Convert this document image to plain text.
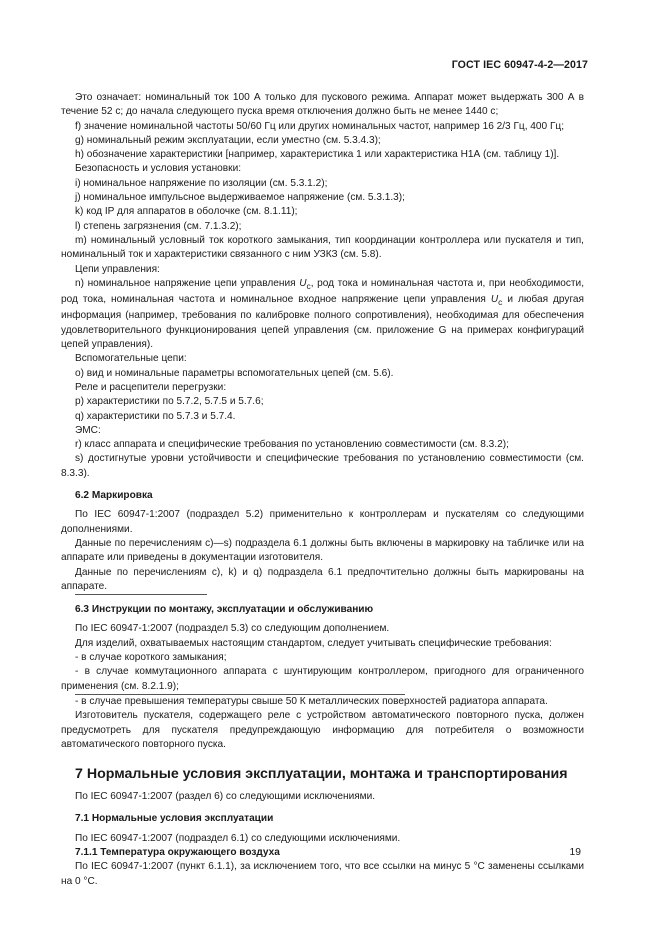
ГОСТ IEC 60947-4-2—2017

Это означает: номинальный ток 100 А только для пускового режима. Аппарат может выдержать 300 А в течение 52 с; до начала следующего пуска время отключения должно быть не менее 1440 с;

f) значение номинальной частоты 50/60 Гц или других номинальных частот, например 16 2/3 Гц, 400 Гц;

g) номинальный режим эксплуатации, если уместно (см. 5.3.4.3);

h) обозначение характеристики [например, характеристика 1 или характеристика Н1А (см. таблицу 1)].

Безопасность и условия установки:

i) номинальное напряжение по изоляции (см. 5.3.1.2);

j) номинальное импульсное выдерживаемое напряжение (см. 5.3.1.3);

k) код IP для аппаратов в оболочке (см. 8.1.11);

l) степень загрязнения (см. 7.1.3.2);

m) номинальный условный ток короткого замыкания, тип координации контроллера или пускателя и тип, номинальный ток и характеристики связанного с ним УЗКЗ (см. 5.8).

Цепи управления:

n) номинальное напряжение цепи управления $U_c$, род тока и номинальная частота и, при необходимости, род тока, номинальная частота и номинальное входное напряжение цепи управления $U_c$ и любая другая информация (например, требования по калибровке полного сопротивления), необходимая для обеспечения удовлетворительного функционирования цепей управления (см. приложение G на примерах конфигураций цепей управления).

Вспомогательные цепи:

о) вид и номинальные параметры вспомогательных цепей (см. 5.6).

Реле и расцепители перегрузки:

p) характеристики по 5.7.2, 5.7.5 и 5.7.6;

q) характеристики по 5.7.3 и 5.7.4.

ЭМС:

r) класс аппарата и специфические требования по установлению совместимости (см. 8.3.2);

s) достигнутые уровни устойчивости и специфические требования по установлению совместимости (см. 8.3.3).

6.2 Маркировка

По IEC 60947-1:2007 (подраздел 5.2) применительно к контроллерам и пускателям со следующими дополнениями.

Данные по перечислениям с)—s) подраздела 6.1 должны быть включены в маркировку на табличке или на аппарате или приведены в документации изготовителя.

Данные по перечислениям с), k) и q) подраздела 6.1 предпочтительно должны быть маркированы на аппарате.

6.3 Инструкции по монтажу, эксплуатации и обслуживанию

По IEC 60947-1:2007 (подраздел 5.3) со следующим дополнением.

Для изделий, охватываемых настоящим стандартом, следует учитывать специфические требования:

- в случае короткого замыкания;

- в случае коммутационного аппарата с шунтирующим контроллером, пригодного для ограниченного применения (см. 8.2.1.9);

- в случае превышения температуры свыше 50 К металлических поверхностей радиатора аппарата.

Изготовитель пускателя, содержащего реле с устройством автоматического повторного пуска, должен предусмотреть для пускателя предупреждающую информацию для потребителя о возможности автоматического повторного пуска.

7 Нормальные условия эксплуатации, монтажа и транспортирования

По IEC 60947-1:2007 (раздел 6) со следующими исключениями.

7.1 Нормальные условия эксплуатации

По IEC 60947-1:2007 (подраздел 6.1) со следующими исключениями.

7.1.1 Температура окружающего воздуха

По IEC 60947-1:2007 (пункт 6.1.1), за исключением того, что все ссылки на минус 5 °С заменены ссылками на 0 °С.

19
